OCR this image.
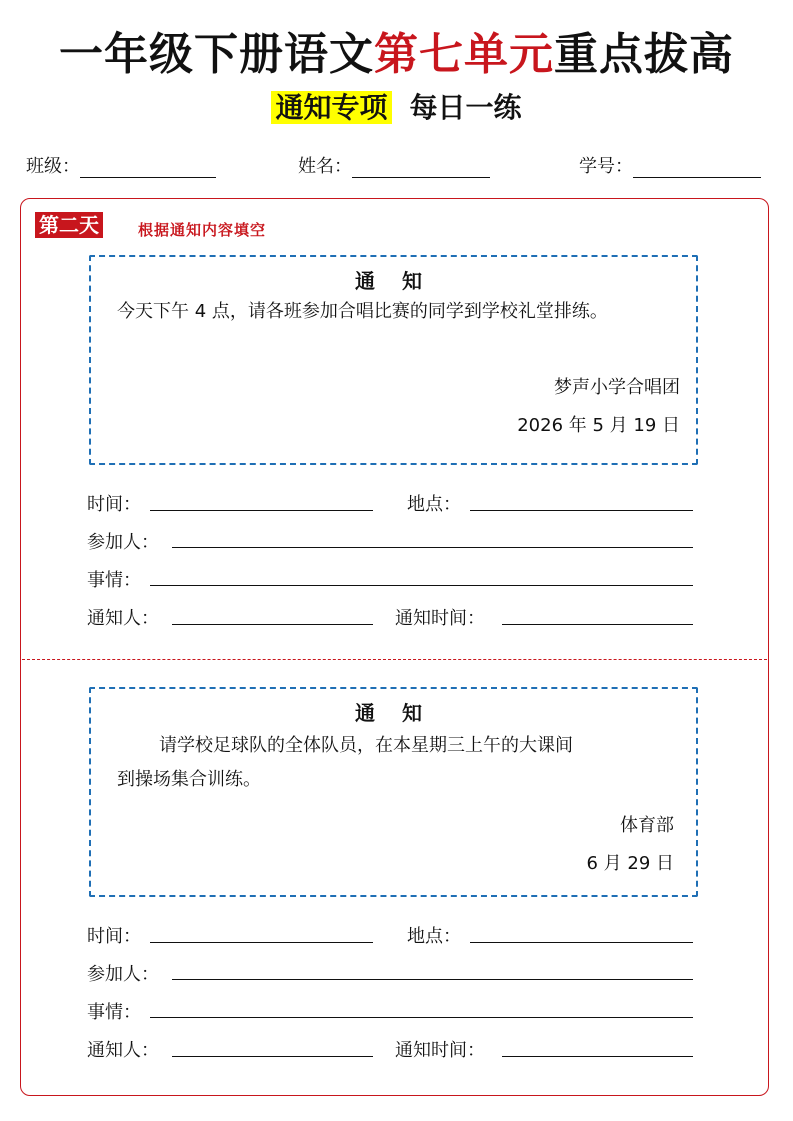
一年级下册语文第七单元重点拔高
通知专项 每日一练
班级：	姓名：	学号：
第二天	根据通知内容填空
通 知
今天下午 4 点，请各班参加合唱比赛的同学到学校礼堂排练。
梦声小学合唱团
2026 年 5 月 19 日
时间：	地点：
参加人：
事情：
通知人：	通知时间：
通 知
请学校足球队的全体队员，在本星期三上午的大课间
到操场集合训练。
体育部
6 月 29 日
时间：	地点：
参加人：
事情：
通知人：	通知时间：
